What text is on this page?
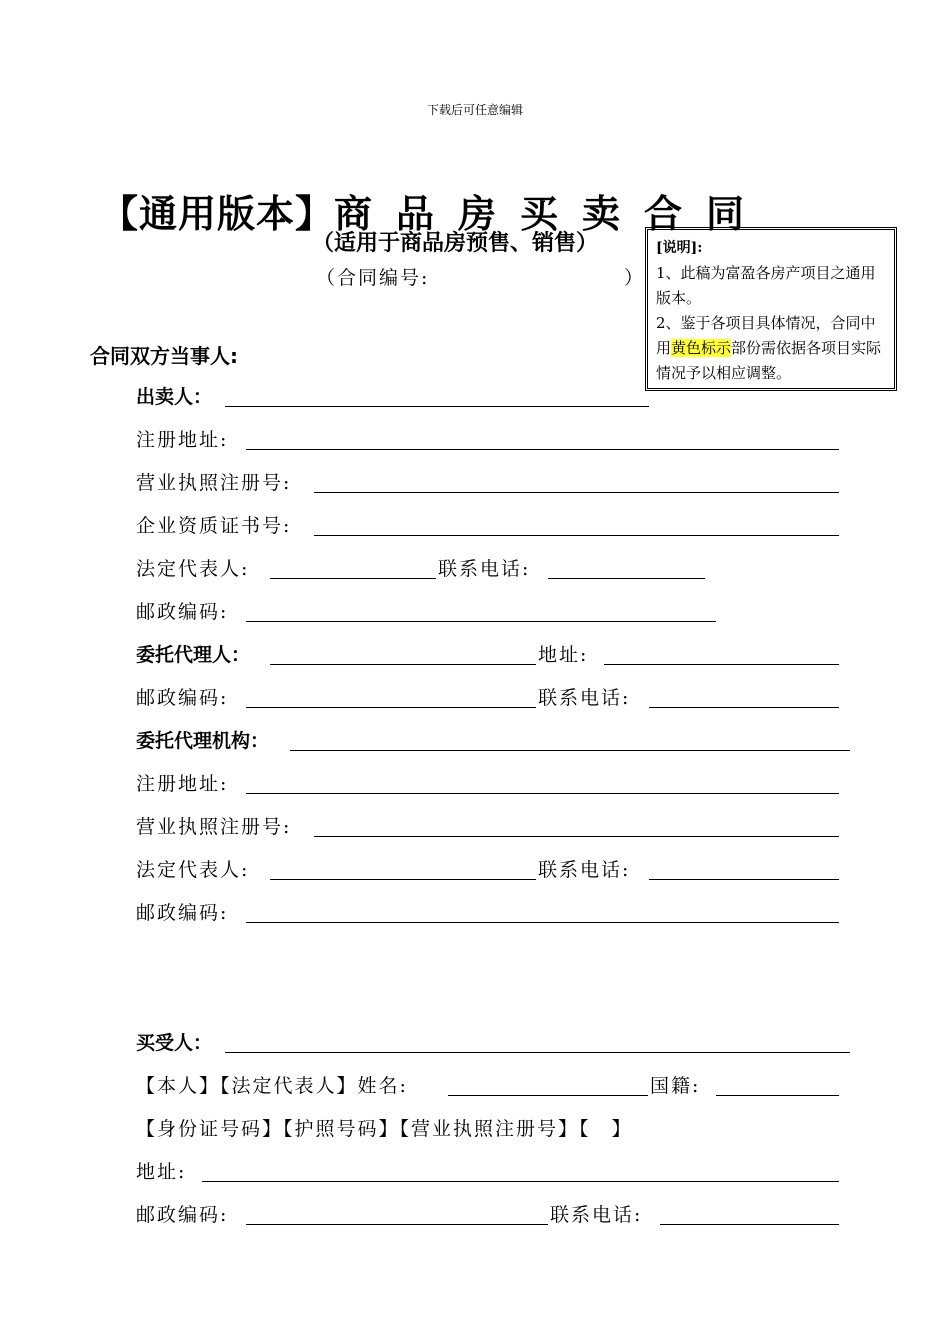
下载后可任意编辑
【通用版本】商品房买卖合同
（适用于商品房预售、销售）
（合同编号:	）
[说明]:
1、此稿为富盈各房产项目之通用版本。
2、鉴于各项目具体情况，合同中用黄色标示部份需依据各项目实际情况予以相应调整。
合同双方当事人:
出卖人：
注册地址:
营业执照注册号:
企业资质证书号:
法定代表人:	联系电话:
邮政编码:
委托代理人：	地址:
邮政编码:	联系电话:
委托代理机构：
注册地址:
营业执照注册号:
法定代表人:	联系电话:
邮政编码:
买受人：
【本人】【法定代表人】姓名:	国籍:
【身份证号码】【护照号码】【营业执照注册号】【　】
地址:
邮政编码:	联系电话:
